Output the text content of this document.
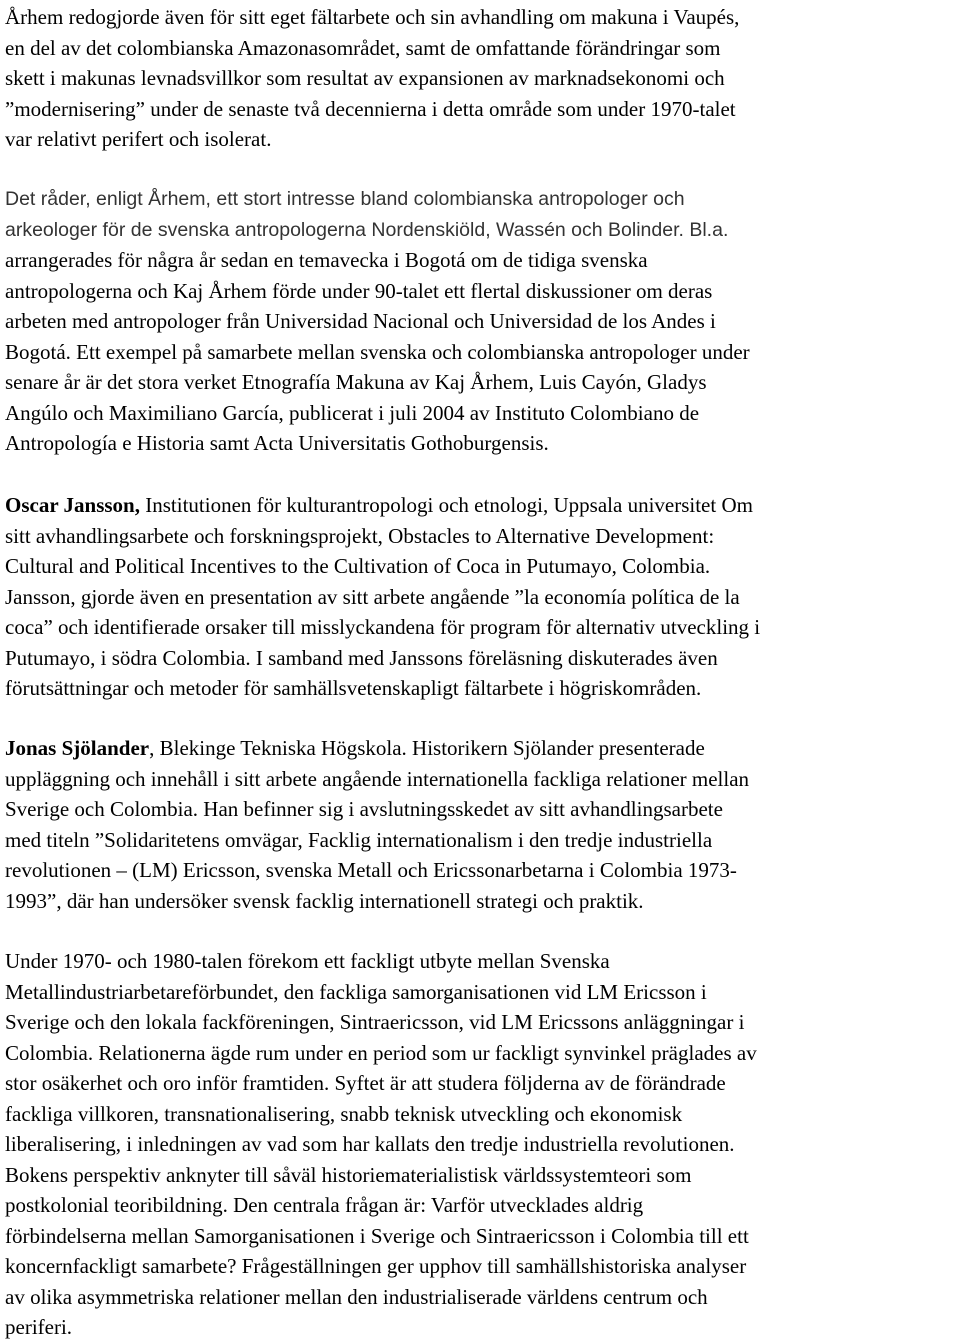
Århem redogjorde även för sitt eget fältarbete och sin avhandling om makuna i Vaupés,
en del av det colombianska Amazonasområdet, samt de omfattande förändringar som
skett i makunas levnadsvillkor som resultat av expansionen av marknadsekonomi och
”modernisering” under de senaste två decennierna i detta område som under 1970-talet
var relativt perifert och isolerat.
Det råder, enligt Århem, ett stort intresse bland colombianska antropologer och
arkeologer för de svenska antropologerna Nordenskiöld, Wassén och Bolinder. Bl.a.
arrangerades för några år sedan en temavecka i Bogotá om de tidiga svenska
antropologerna och Kaj Århem förde under 90-talet ett flertal diskussioner om deras
arbeten med antropologer från Universidad Nacional och Universidad de los Andes i
Bogotá. Ett exempel på samarbete mellan svenska och colombianska antropologer under
senare år är det stora verket Etnografía Makuna av Kaj Århem, Luis Cayón, Gladys
Angúlo och Maximiliano García, publicerat i juli 2004 av Instituto Colombiano de
Antropología e Historia samt Acta Universitatis Gothoburgensis.
Oscar Jansson, Institutionen för kulturantropologi och etnologi, Uppsala universitet Om
sitt avhandlingsarbete och forskningsprojekt, Obstacles to Alternative Development:
Cultural and Political Incentives to the Cultivation of Coca in Putumayo, Colombia.
Jansson, gjorde även en presentation av sitt arbete angående ”la economía política de la
coca” och identifierade orsaker till misslyckandena för program för alternativ utveckling i
Putumayo, i södra Colombia. I samband med Janssons föreläsning diskuterades även
förutsättningar och metoder för samhällsvetenskapligt fältarbete i högriskområden.
Jonas Sjölander, Blekinge Tekniska Högskola. Historikern Sjölander presenterade
uppläggning och innehåll i sitt arbete angående internationella fackliga relationer mellan
Sverige och Colombia. Han befinner sig i avslutningsskedet av sitt avhandlingsarbete
med titeln ”Solidaritetens omvägar, Facklig internationalism i den tredje industriella
revolutionen – (LM) Ericsson, svenska Metall och Ericssonarbetarna i Colombia 1973-
1993”, där han undersöker svensk facklig internationell strategi och praktik.
Under 1970- och 1980-talen förekom ett fackligt utbyte mellan Svenska
Metallindustriarbetareförbundet, den fackliga samorganisationen vid LM Ericsson i
Sverige och den lokala fackföreningen, Sintraericsson, vid LM Ericssons anläggningar i
Colombia. Relationerna ägde rum under en period som ur fackligt synvinkel präglades av
stor osäkerhet och oro inför framtiden. Syftet är att studera följderna av de förändrade
fackliga villkoren, transnationalisering, snabb teknisk utveckling och ekonomisk
liberalisering, i inledningen av vad som har kallats den tredje industriella revolutionen.
Bokens perspektiv anknyter till såväl historiematerialistisk världssystemteori som
postkolonial teoribildning. Den centrala frågan är: Varför utvecklades aldrig
förbindelserna mellan Samorganisationen i Sverige och Sintraericsson i Colombia till ett
koncernfackligt samarbete? Frågeställningen ger upphov till samhällshistoriska analyser
av olika asymmetriska relationer mellan den industrialiserade världens centrum och
periferi.
